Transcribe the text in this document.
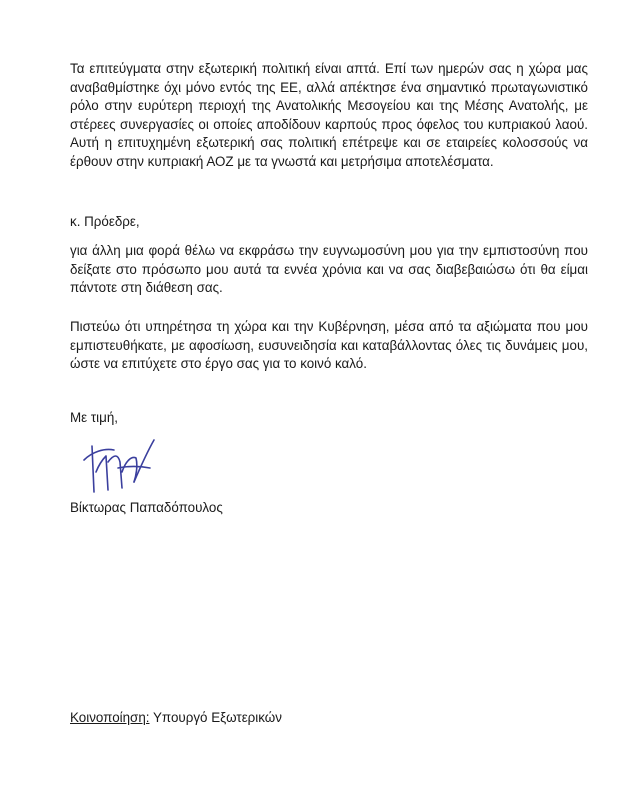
Τα επιτεύγματα στην εξωτερική πολιτική είναι απτά. Επί των ημερών σας η χώρα μας αναβαθμίστηκε όχι μόνο εντός της ΕΕ, αλλά απέκτησε ένα σημαντικό πρωταγωνιστικό ρόλο στην ευρύτερη περιοχή της Ανατολικής Μεσογείου και της Μέσης Ανατολής, με στέρεες συνεργασίες οι οποίες αποδίδουν καρπούς προς όφελος του κυπριακού λαού. Αυτή η επιτυχημένη εξωτερική σας πολιτική επέτρεψε και σε εταιρείες κολοσσούς να έρθουν στην κυπριακή ΑΟΖ με τα γνωστά και μετρήσιμα αποτελέσματα.

κ. Πρόεδρε,

για άλλη μια φορά θέλω να εκφράσω την ευγνωμοσύνη μου για την εμπιστοσύνη που δείξατε στο πρόσωπο μου αυτά τα εννέα χρόνια και να σας διαβεβαιώσω ότι θα είμαι πάντοτε στη διάθεση σας.

Πιστεύω ότι υπηρέτησα τη χώρα και την Κυβέρνηση, μέσα από τα αξιώματα που μου εμπιστευθήκατε, με αφοσίωση, ευσυνειδησία και καταβάλλοντας όλες τις δυνάμεις μου, ώστε να επιτύχετε στο έργο σας για το κοινό καλό.

Με τιμή,
Βίκτωρας Παπαδόπουλος
Κοινοποίηση: Υπουργό Εξωτερικών
